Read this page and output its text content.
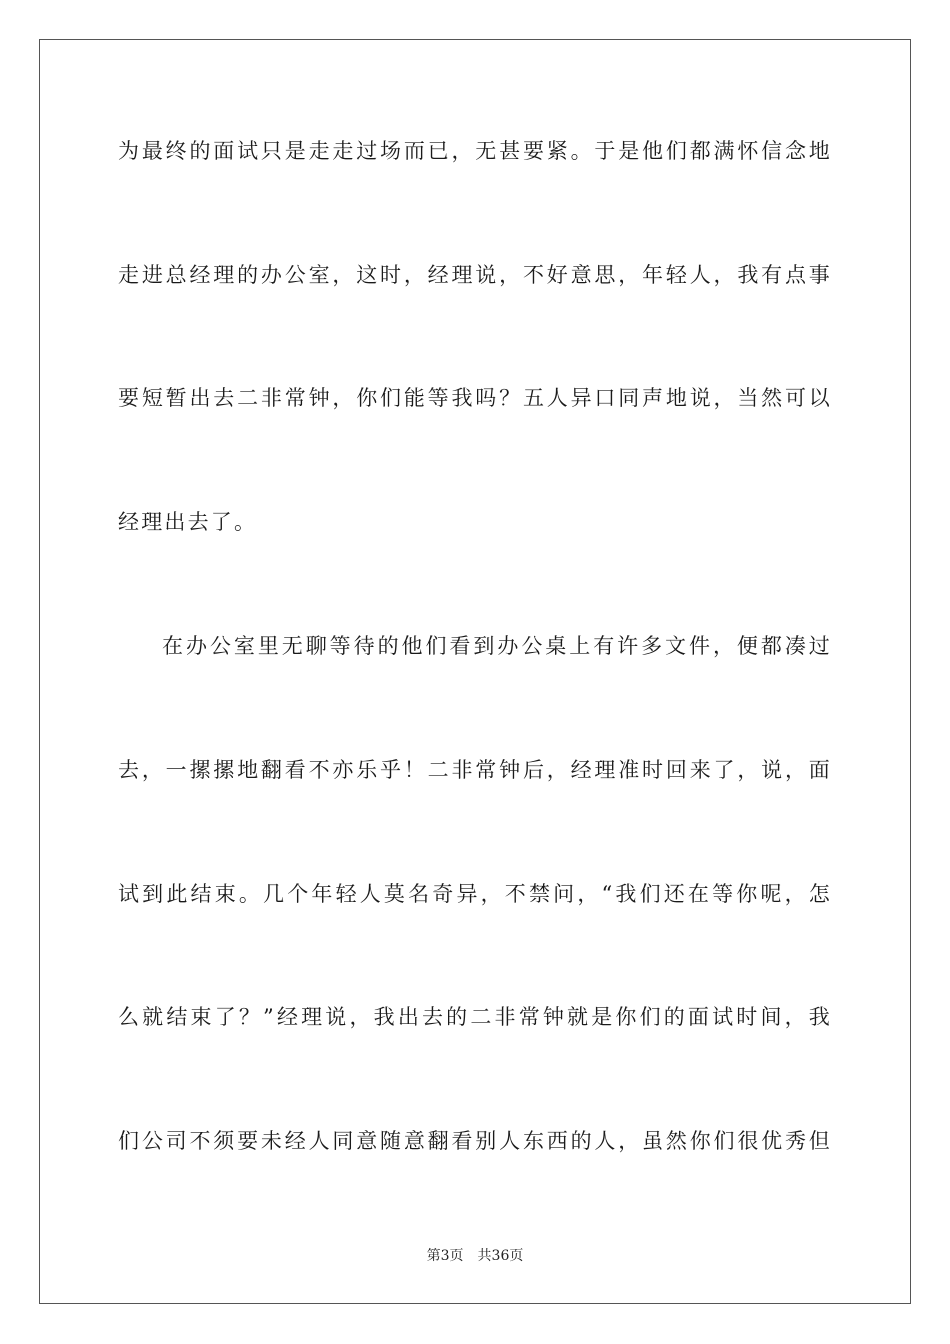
为最终的面试只是走走过场而已，无甚要紧。于是他们都满怀信念地
走进总经理的办公室，这时，经理说，不好意思，年轻人，我有点事
要短暂出去二非常钟，你们能等我吗？五人异口同声地说，当然可以
经理出去了。
在办公室里无聊等待的他们看到办公桌上有许多文件，便都凑过
去，一摞摞地翻看不亦乐乎！二非常钟后，经理准时回来了，说，面
试到此结束。几个年轻人莫名奇异，不禁问，“我们还在等你呢，怎
么就结束了？”经理说，我出去的二非常钟就是你们的面试时间，我
们公司不须要未经人同意随意翻看别人东西的人，虽然你们很优秀但
第3页 共36页
